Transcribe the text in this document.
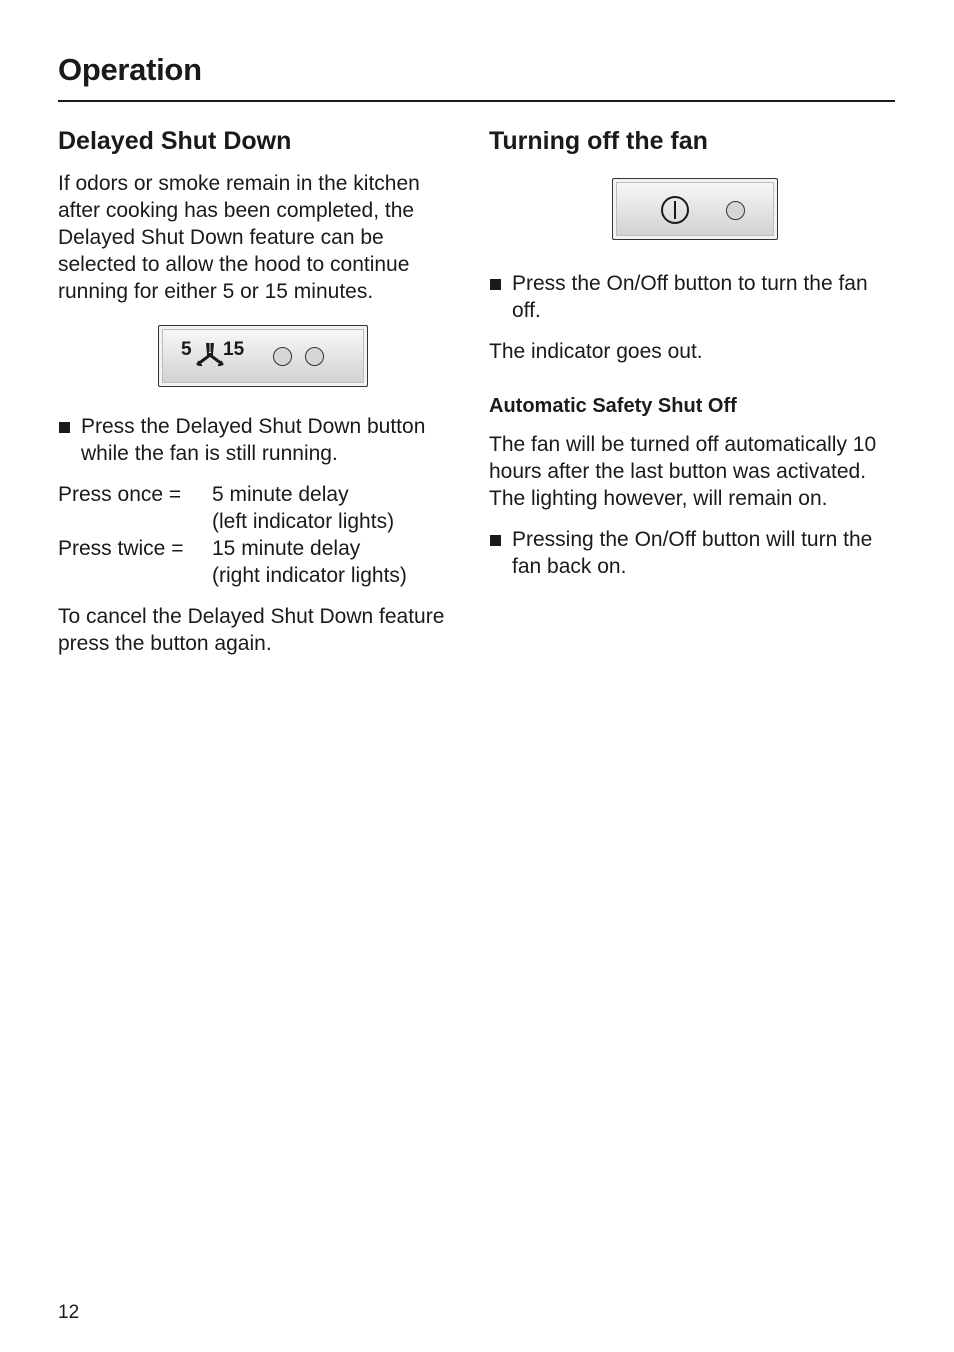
Operation
Delayed Shut Down

If odors or smoke remain in the kitchen after cooking has been completed, the Delayed Shut Down feature can be selected to allow the hood to continue running for either 5 or 15 minutes.

5 15
Press the Delayed Shut Down button while the fan is still running.
Press once =	5 minute delay
(left indicator lights)
Press twice =	15 minute delay
(right indicator lights)

To cancel the Delayed Shut Down feature press the button again.

Turning off the fan
Press the On/Off button to turn the fan off.

The indicator goes out.

Automatic Safety Shut Off

The fan will be turned off automatically 10 hours after the last button was activated. The lighting however, will remain on.

Pressing the On/Off button will turn the fan back on.
12
